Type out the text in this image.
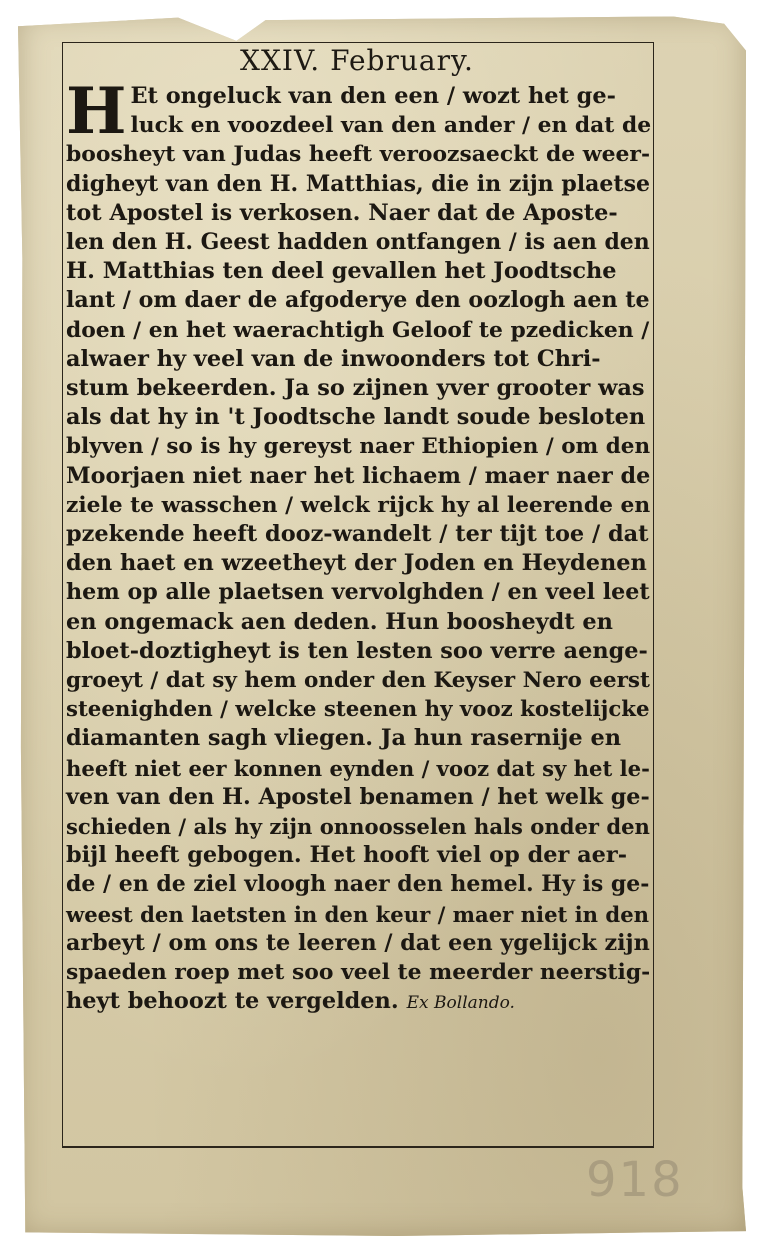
XXIV. February.
H Et ongeluck van den een / wozt het ge-
luck en voozdeel van den ander / en dat de
boosheyt van Judas heeft veroozsaeckt de weer-
digheyt van den H. Matthias, die in zijn plaetse
tot Apostel is verkosen. Naer dat de Aposte-
len den H. Geest hadden ontfangen / is aen den
H. Matthias ten deel gevallen het Joodtsche
lant / om daer de afgoderye den oozlogh aen te
doen / en het waerachtigh Geloof te pzedicken /
alwaer hy veel van de inwoonders tot Chri-
stum bekeerden. Ja so zijnen yver grooter was
als dat hy in 't Joodtsche landt soude besloten
blyven / so is hy gereyst naer Ethiopien / om den
Moorjaen niet naer het lichaem / maer naer de
ziele te wasschen / welck rijck hy al leerende en
pzekende heeft dooz-wandelt / ter tijt toe / dat
den haet en wzeetheyt der Joden en Heydenen
hem op alle plaetsen vervolghden / en veel leet
en ongemack aen deden. Hun boosheydt en
bloet-doztigheyt is ten lesten soo verre aenge-
groeyt / dat sy hem onder den Keyser Nero eerst
steenighden / welcke steenen hy vooz kostelijcke
diamanten sagh vliegen. Ja hun rasernije en
heeft niet eer konnen eynden / vooz dat sy het le-
ven van den H. Apostel benamen / het welk ge-
schieden / als hy zijn onnoosselen hals onder den
bijl heeft gebogen. Het hooft viel op der aer-
de / en de ziel vloogh naer den hemel. Hy is ge-
weest den laetsten in den keur / maer niet in den
arbeyt / om ons te leeren / dat een ygelijck zijn
spaeden roep met soo veel te meerder neerstig-
heyt behoozt te vergelden. Ex Bollando.
918
